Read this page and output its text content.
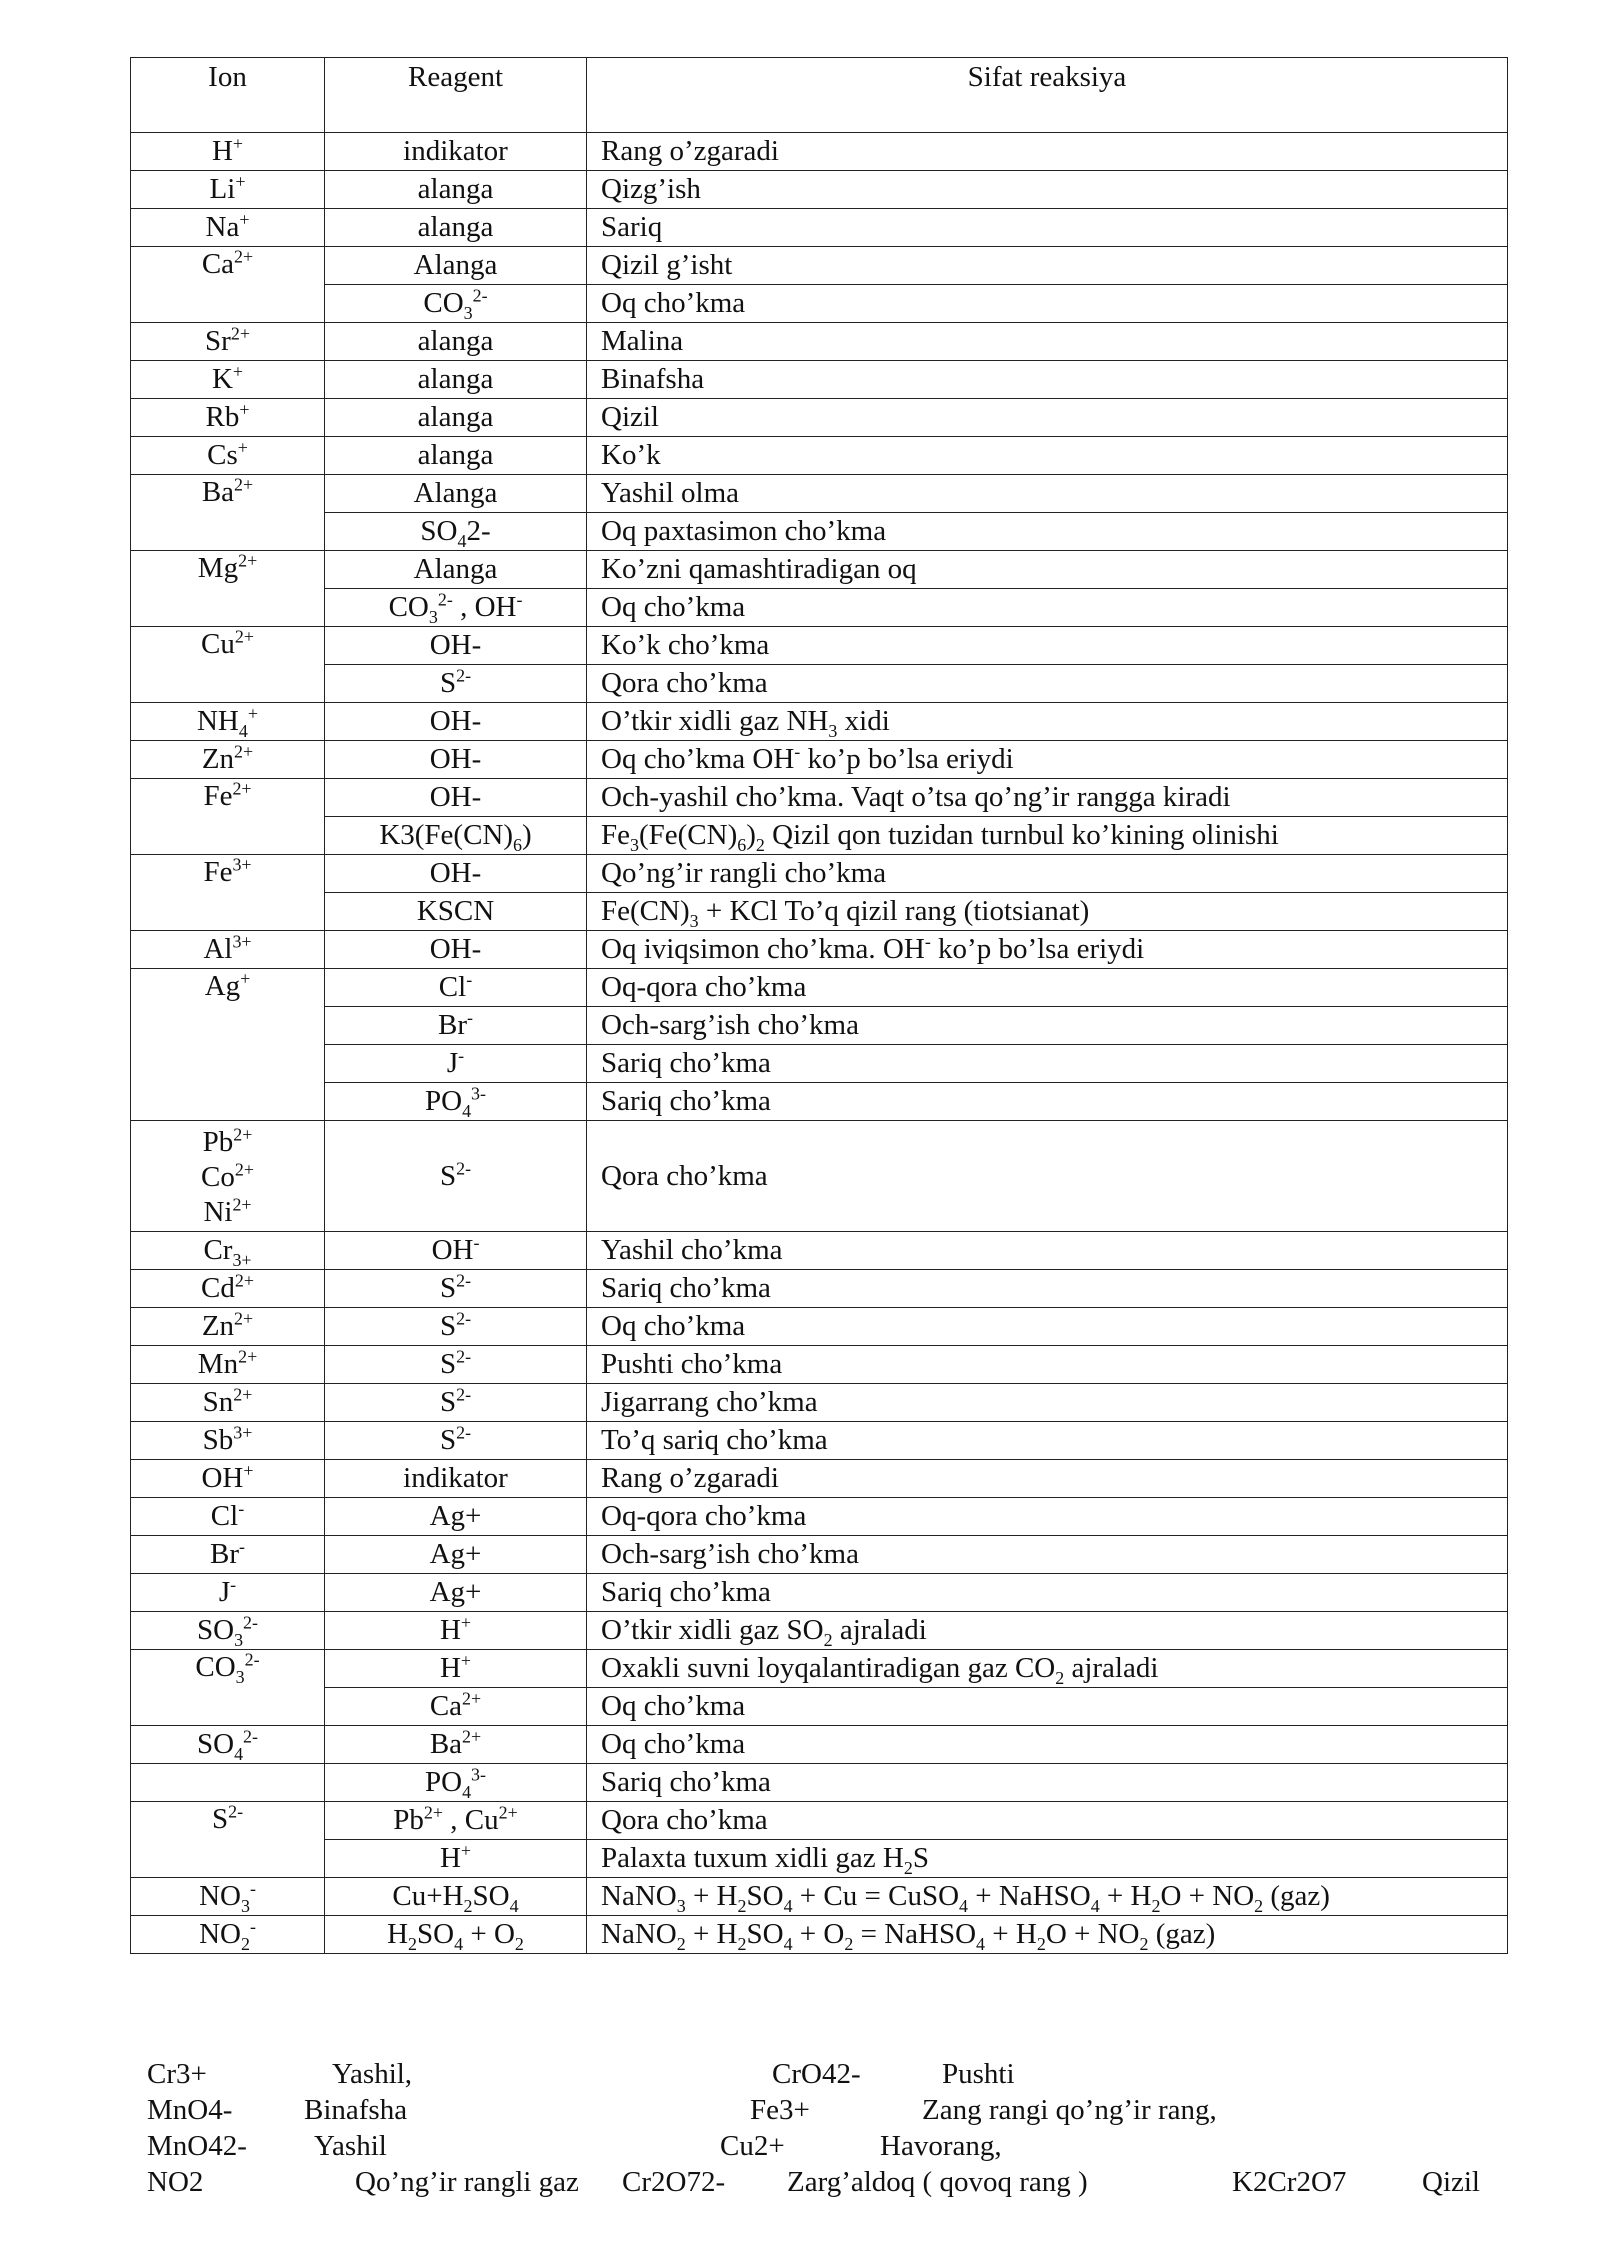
Ion	Reagent	Sifat reaksiya
H+	indikator	Rang o’zgaradi
Li+	alanga	Qizg’ish
Na+	alanga	Sariq
$Ca^{2+}$	Alanga	Qizil g’isht
	$CO_3^{2-}$	Oq cho’kma
$Sr^{2+}$	alanga	Malina
K+	alanga	Binafsha
Rb+	alanga	Qizil
Cs+	alanga	Ko’k
$Ba^{2+}$	Alanga	Yashil olma
	$SO_42-$	Oq paxtasimon cho’kma
$Mg^{2+}$	Alanga	Ko’zni qamashtiradigan oq
	$CO_3^{2-}$ , OH-	Oq cho’kma
$Cu^{2+}$	OH-	Ko’k cho’kma
	$S^{2-}$	Qora cho’kma
$NH_4^+$	OH-	O’tkir xidli gaz $NH_3$ xidi
$Zn^{2+}$	OH-	Oq cho’kma OH- ko’p bo’lsa eriydi
$Fe^{2+}$	OH-	Och-yashil cho’kma. Vaqt o’tsa qo’ng’ir rangga kiradi
	$K3(Fe(CN)_6)$	$Fe_3(Fe(CN)_6)_2$ Qizil qon tuzidan turnbul ko’kining olinishi
$Fe^{3+}$	OH-	Qo’ng’ir rangli cho’kma
	KSCN	$Fe(CN)_3$ + KCl To’q qizil rang (tiotsianat)
$Al^{3+}$	OH-	Oq iviqsimon cho’kma. OH- ko’p bo’lsa eriydi
Ag+	Cl-	Oq-qora cho’kma
	Br-	Och-sarg’ish cho’kma
	J-	Sariq cho’kma
	$PO_4^{3-}$	Sariq cho’kma

$Pb^{2+}$
$Co^{2+}$
$Ni^{2+}$	$S^{2-}$	Qora cho’kma
$Cr_{3+}$	OH-	Yashil cho’kma
$Cd^{2+}$	$S^{2-}$	Sariq cho’kma
$Zn^{2+}$	$S^{2-}$	Oq cho’kma
$Mn^{2+}$	$S^{2-}$	Pushti cho’kma
$Sn^{2+}$	$S^{2-}$	Jigarrang cho’kma
$Sb^{3+}$	$S^{2-}$	To’q sariq cho’kma
OH+	indikator	Rang o’zgaradi
Cl-	Ag+	Oq-qora cho’kma
Br-	Ag+	Och-sarg’ish cho’kma
J-	Ag+	Sariq cho’kma
$SO_3^{2-}$	H+	O’tkir xidli gaz $SO_2$ ajraladi
$CO_3^{2-}$	H+	Oxakli suvni loyqalantiradigan gaz $CO_2$ ajraladi
	$Ca^{2+}$	Oq cho’kma
$SO_4^{2-}$	$Ba^{2+}$	Oq cho’kma
	$PO_4^{3-}$	Sariq cho’kma
$S^{2-}$	$Pb^{2+}$ , $Cu^{2+}$	Qora cho’kma
	H+	Palaxta tuxum xidli gaz $H_2S$
$NO_3^-$	$Cu+H_2SO_4$	NaNO$_3$ + $H_2SO_4 + Cu$ = CuSO$_4$ + NaHSO$_4$ + $H_2O + NO_2$ (gaz)
$NO_2^-$	$H_2SO_4 + O_2$	NaNO$_2$ + $H_2SO_4 + O_2$ = NaHSO$_4$ + $H_2O + NO_2$ (gaz)
Cr3+	Yashil,	CrO42-	Pushti
MnO4- Binafsha	Fe3+	Zang rangi qo’ng’ir rang,
MnO42- Yashil	Cu2+	Havorang,
NO2	Qo’ng’ir rangli gaz Cr2O72- Zarg’aldoq ( qovoq rang )	K2Cr2O7	Qizil
